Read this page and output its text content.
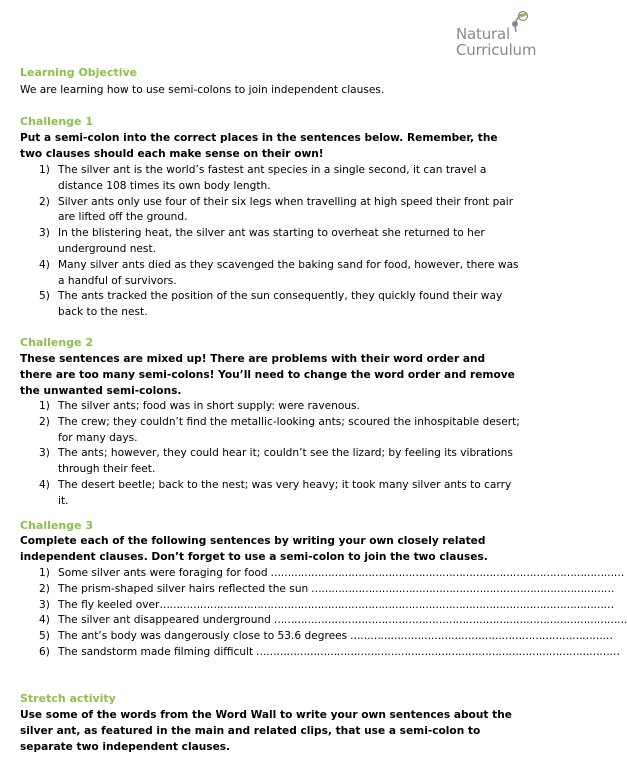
Natural
Curriculum
Learning Objective
We are learning how to use semi-colons to join independent clauses.
Challenge 1
Put a semi-colon into the correct places in the sentences below. Remember, the two clauses should each make sense on their own!
1) The silver ant is the world’s fastest ant species in a single second, it can travel a distance 108 times its own body length.
2) Silver ants only use four of their six legs when travelling at high speed their front pair are lifted off the ground.
3) In the blistering heat, the silver ant was starting to overheat she returned to her underground nest.
4) Many silver ants died as they scavenged the baking sand for food, however, there was a handful of survivors.
5) The ants tracked the position of the sun consequently, they quickly found their way back to the nest.
Challenge 2
These sentences are mixed up! There are problems with their word order and there are too many semi-colons! You’ll need to change the word order and remove the unwanted semi-colons.
1) The silver ants; food was in short supply: were ravenous.
2) The crew; they couldn’t find the metallic-looking ants; scoured the inhospitable desert; for many days.
3) The ants; however, they could hear it; couldn’t see the lizard; by feeling its vibrations through their feet.
4) The desert beetle; back to the nest; was very heavy; it took many silver ants to carry it.
Challenge 3
Complete each of the following sentences by writing your own closely related independent clauses. Don’t forget to use a semi-colon to join the two clauses.
1) Some silver ants were foraging for food ……………………………………………………………………………………………
2) The prism-shaped silver hairs reflected the sun ………………………………………………………………………………
3) The fly keeled over………………………………………………………………………………………………………………………
4) The silver ant disappeared underground ……………………………………………………………………………………………
5) The ant’s body was dangerously close to 53.6 degrees ……………………………………………………………………
6) The sandstorm made filming difficult ………………………………………………………………………………………………
Stretch activity
Use some of the words from the Word Wall to write your own sentences about the silver ant, as featured in the main and related clips, that use a semi-colon to separate two independent clauses.
